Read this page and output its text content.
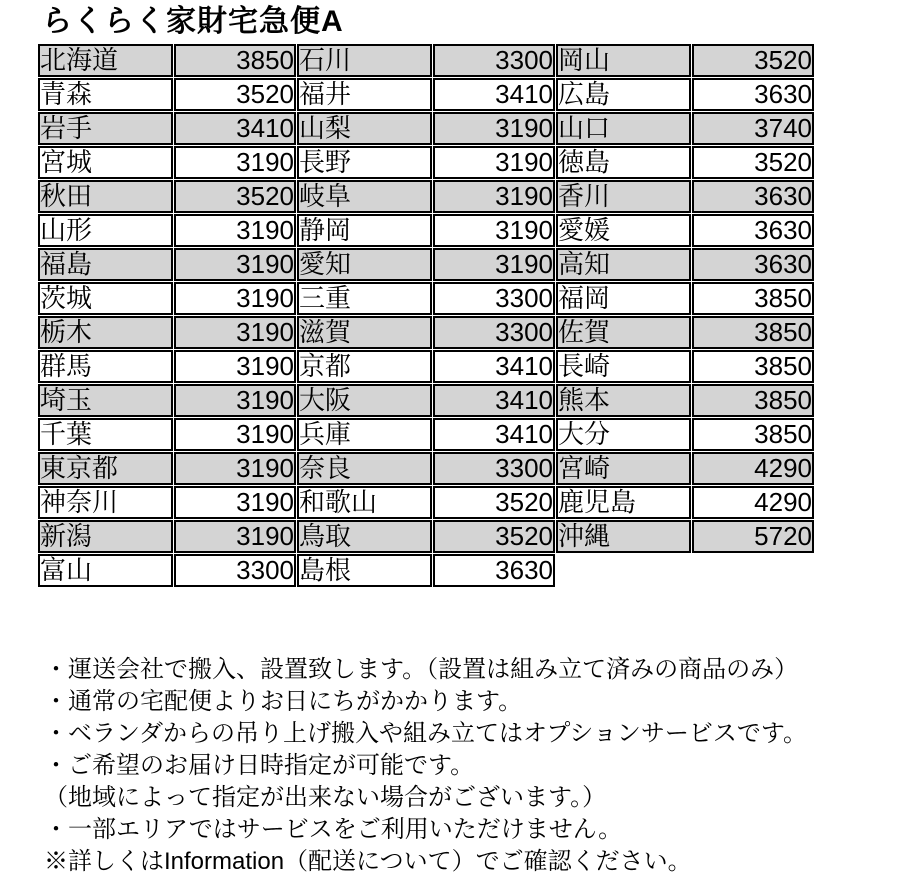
らくらく家財宅急便A
北海道	3850	石川	3300	岡山	3520
青森	3520	福井	3410	広島	3630
岩手	3410	山梨	3190	山口	3740
宮城	3190	長野	3190	徳島	3520
秋田	3520	岐阜	3190	香川	3630
山形	3190	静岡	3190	愛媛	3630
福島	3190	愛知	3190	高知	3630
茨城	3190	三重	3300	福岡	3850
栃木	3190	滋賀	3300	佐賀	3850
群馬	3190	京都	3410	長崎	3850
埼玉	3190	大阪	3410	熊本	3850
千葉	3190	兵庫	3410	大分	3850
東京都	3190	奈良	3300	宮崎	4290
神奈川	3190	和歌山	3520	鹿児島	4290
新潟	3190	鳥取	3520	沖縄	5720
富山	3300	島根	3630		
・運送会社で搬入、設置致します。（設置は組み立て済みの商品のみ）
・通常の宅配便よりお日にちがかかります。
・ベランダからの吊り上げ搬入や組み立てはオプションサービスです。
・ご希望のお届け日時指定が可能です。
（地域によって指定が出来ない場合がございます。）
・一部エリアではサービスをご利用いただけません。
※詳しくはInformation（配送について）でご確認ください。
